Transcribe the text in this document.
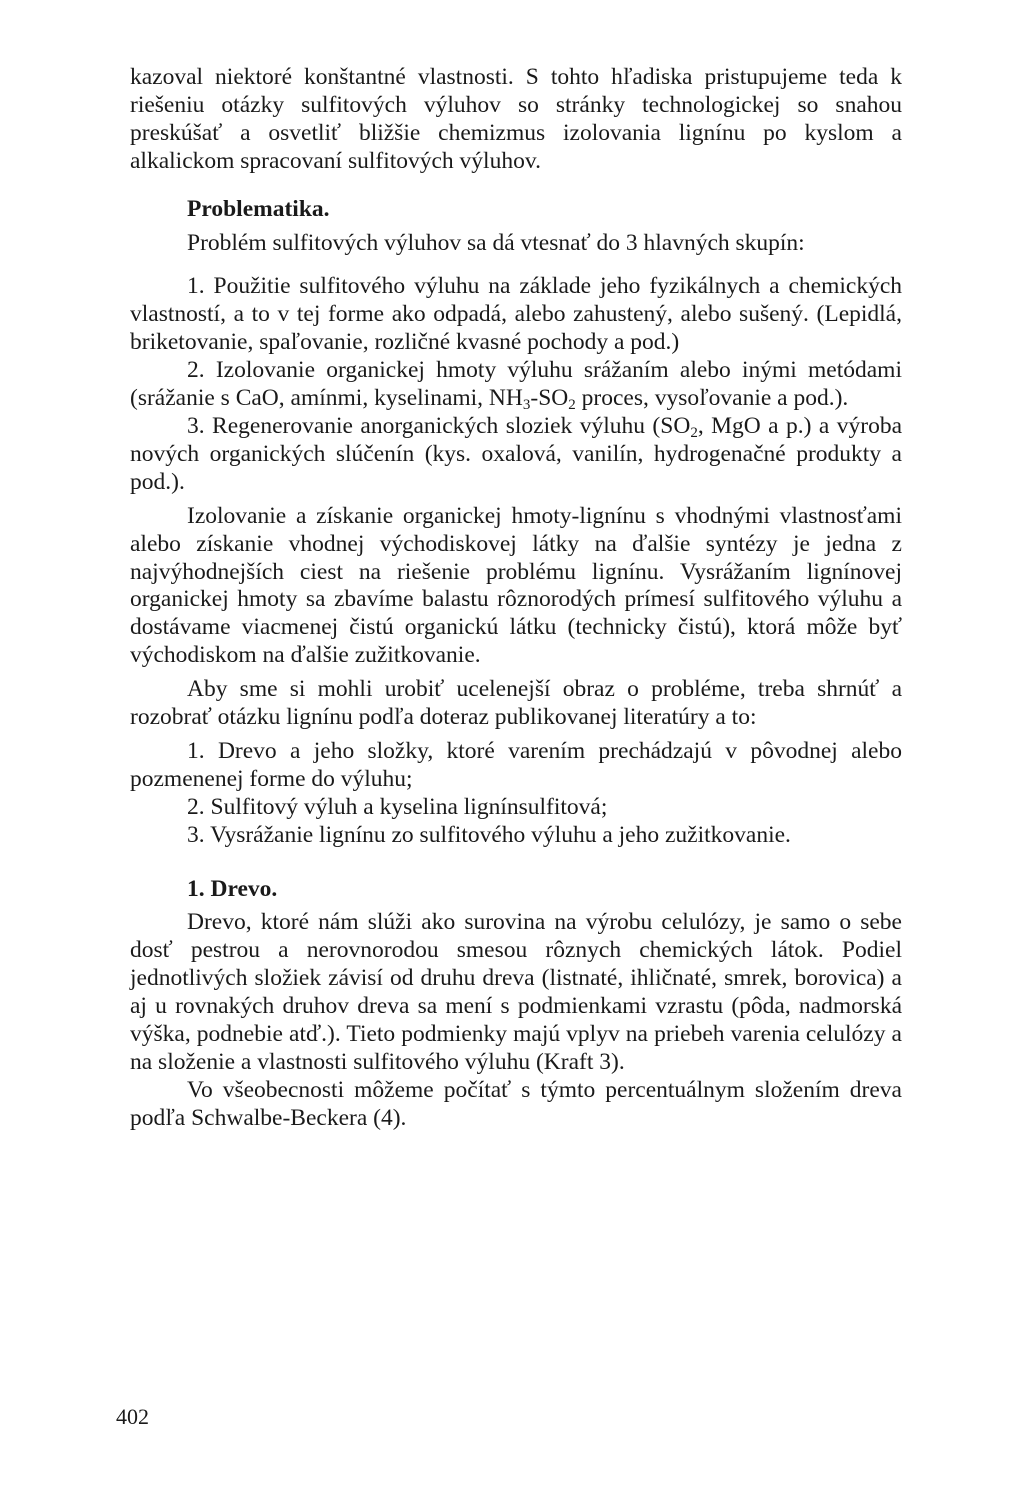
kazoval niektoré konštantné vlastnosti. S tohto hľadiska pristupujeme teda k riešeniu otázky sulfitových výluhov so stránky technologickej so snahou preskúšať a osvetliť bližšie chemizmus izolovania lignínu po kyslom a alkalickom spracovaní sulfitových výluhov.

Problematika.

Problém sulfitových výluhov sa dá vtesnať do 3 hlavných skupín:

1. Použitie sulfitového výluhu na základe jeho fyzikálnych a chemických vlastností, a to v tej forme ako odpadá, alebo zahustený, alebo sušený. (Lepidlá, briketovanie, spaľovanie, rozličné kvasné pochody a pod.)

2. Izolovanie organickej hmoty výluhu srážaním alebo inými metódami (srážanie s CaO, amínmi, kyselinami, $NH_3-SO_2$ proces, vysoľovanie a pod.).

3. Regenerovanie anorganických sloziek výluhu ($SO_2$, MgO a p.) a výroba nových organických slúčenín (kys. oxalová, vanilín, hydrogenačné produkty a pod.).

Izolovanie a získanie organickej hmoty-lignínu s vhodnými vlastnosťami alebo získanie vhodnej východiskovej látky na ďalšie syntézy je jedna z najvýhodnejších ciest na riešenie problému lignínu. Vysrážaním lignínovej organickej hmoty sa zbavíme balastu rôznorodých prímesí sulfitového výluhu a dostávame viacmenej čistú organickú látku (technicky čistú), ktorá môže byť východiskom na ďalšie zužitkovanie.

Aby sme si mohli urobiť ucelenejší obraz o probléme, treba shrnúť a rozobrať otázku lignínu podľa doteraz publikovanej literatúry a to:

1. Drevo a jeho složky, ktoré varením prechádzajú v pôvodnej alebo pozmenenej forme do výluhu;

2. Sulfitový výluh a kyselina lignínsulfitová;

3. Vysrážanie lignínu zo sulfitového výluhu a jeho zužitkovanie.

1. Drevo.

Drevo, ktoré nám slúži ako surovina na výrobu celulózy, je samo o sebe dosť pestrou a nerovnorodou smesou rôznych chemických látok. Podiel jednotlivých složiek závisí od druhu dreva (listnaté, ihličnaté, smrek, borovica) a aj u rovnakých druhov dreva sa mení s podmienkami vzrastu (pôda, nadmorská výška, podnebie atď.). Tieto podmienky majú vplyv na priebeh varenia celulózy a na složenie a vlastnosti sulfitového výluhu (Kraft 3).

Vo všeobecnosti môžeme počítať s týmto percentuálnym složením dreva podľa Schwalbe-Beckera (4).

402
